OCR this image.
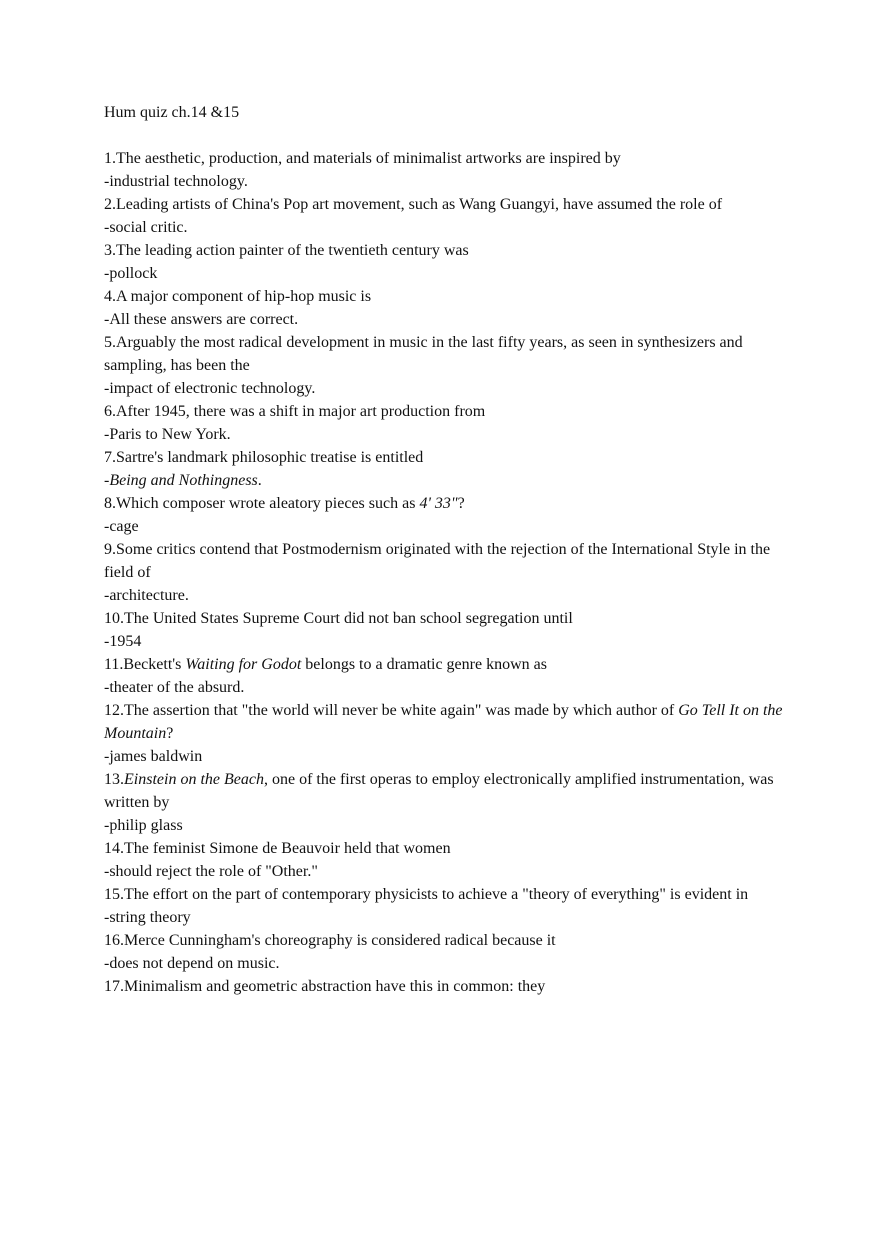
Hum quiz ch.14 &15
1.The aesthetic, production, and materials of minimalist artworks are inspired by
-industrial technology.
2.Leading artists of China's Pop art movement, such as Wang Guangyi, have assumed the role of
-social critic.
3.The leading action painter of the twentieth century was
-pollock
4.A major component of hip-hop music is
-All these answers are correct.
5.Arguably the most radical development in music in the last fifty years, as seen in synthesizers and sampling, has been the
-impact of electronic technology.
6.After 1945, there was a shift in major art production from
-Paris to New York.
7.Sartre's landmark philosophic treatise is entitled
-Being and Nothingness.
8.Which composer wrote aleatory pieces such as 4' 33"?
-cage
9.Some critics contend that Postmodernism originated with the rejection of the International Style in the field of
-architecture.
10.The United States Supreme Court did not ban school segregation until
-1954
11.Beckett's Waiting for Godot belongs to a dramatic genre known as
-theater of the absurd.
12.The assertion that "the world will never be white again" was made by which author of Go Tell It on the Mountain?
-james baldwin
13.Einstein on the Beach, one of the first operas to employ electronically amplified instrumentation, was written by
-philip glass
14.The feminist Simone de Beauvoir held that women
-should reject the role of "Other."
15.The effort on the part of contemporary physicists to achieve a "theory of everything" is evident in
-string theory
16.Merce Cunningham's choreography is considered radical because it
-does not depend on music.
17.Minimalism and geometric abstraction have this in common: they
